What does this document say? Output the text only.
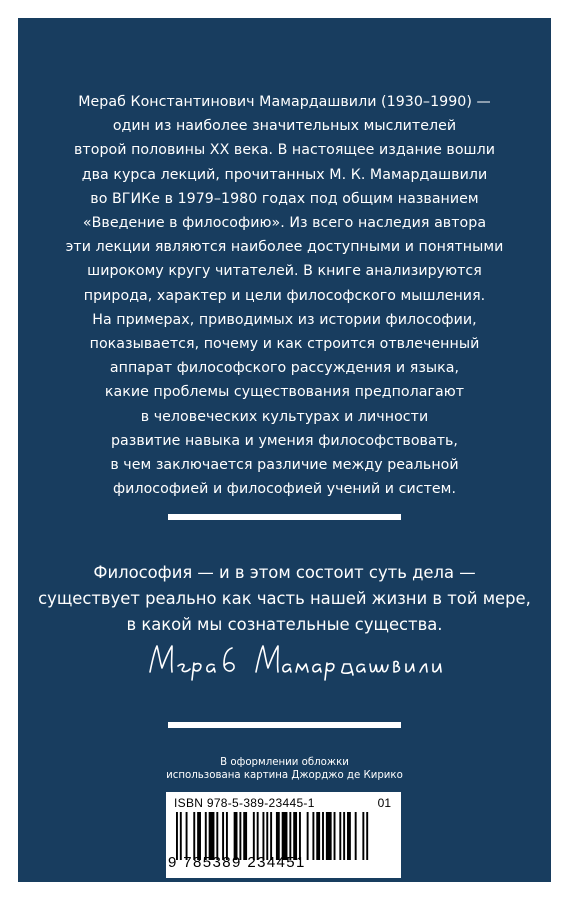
Мераб Константинович Мамардашвили (1930–1990) —
один из наиболее значительных мыслителей
второй половины XX века. В настоящее издание вошли
два курса лекций, прочитанных М. К. Мамардашвили
во ВГИКе в 1979–1980 годах под общим названием
«Введение в философию». Из всего наследия автора
эти лекции являются наиболее доступными и понятными
широкому кругу читателей. В книге анализируются
природа, характер и цели философского мышления.
На примерах, приводимых из истории философии,
показывается, почему и как строится отвлеченный
аппарат философского рассуждения и языка,
какие проблемы существования предполагают
в человеческих культурах и личности
развитие навыка и умения философствовать,
в чем заключается различие между реальной
философией и философией учений и систем.
Философия — и в этом состоит суть дела —
существует реально как часть нашей жизни в той мере,
в какой мы сознательные существа.
В оформлении обложки
использована картина Джорджо де Кирико
ISBN 978-5-389-23445-1	01
9 785389 234451
